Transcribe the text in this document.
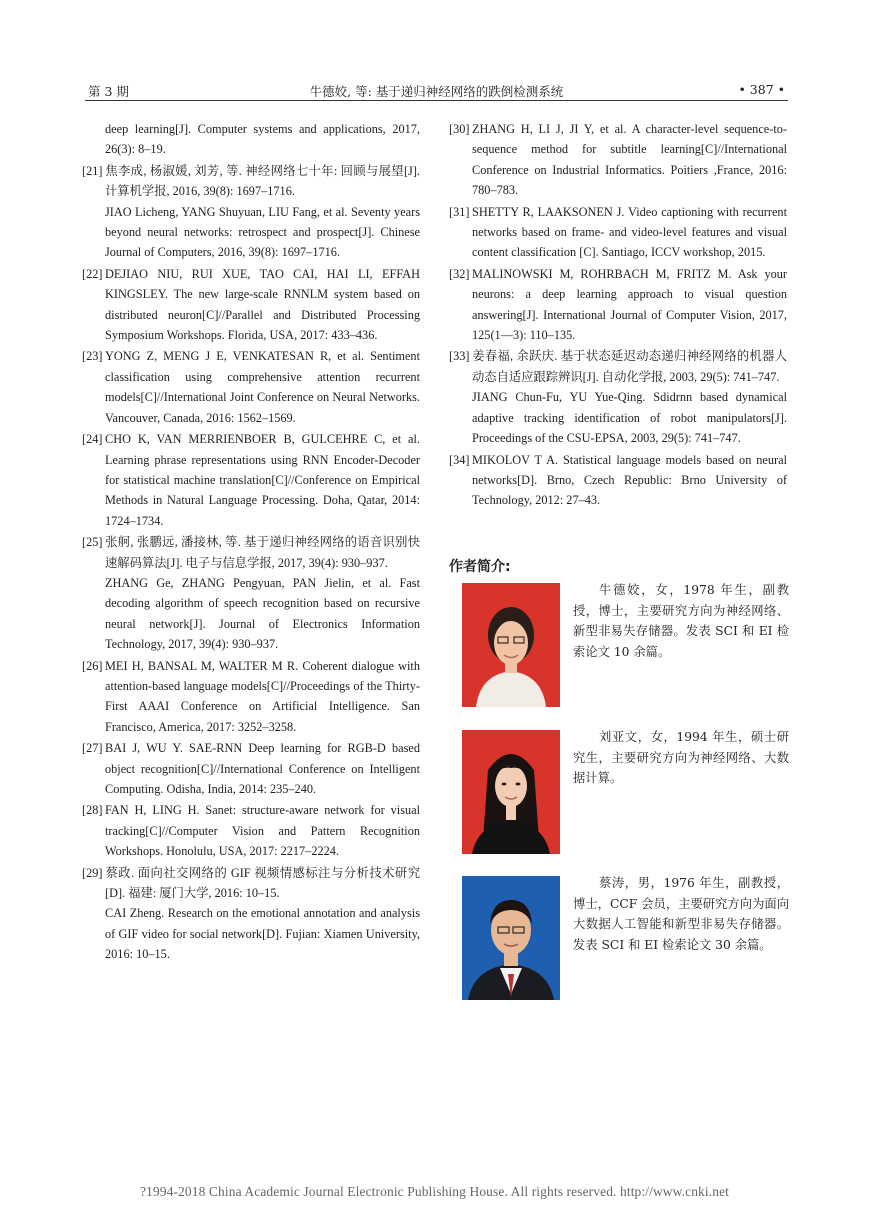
第 3 期	牛德姣, 等: 基于递归神经网络的跌倒检测系统	• 387 •
deep learning[J]. Computer systems and applications, 2017, 26(3): 8–19.
[21] 焦李成, 杨淑媛, 刘芳, 等. 神经网络七十年: 回顾与展望[J]. 计算机学报, 2016, 39(8): 1697–1716.
JIAO Licheng, YANG Shuyuan, LIU Fang, et al. Seventy years beyond neural networks: retrospect and prospect[J]. Chinese Journal of Computers, 2016, 39(8): 1697–1716.
[22] DEJIAO NIU, RUI XUE, TAO CAI, HAI LI, EFFAH KINGSLEY. The new large-scale RNNLM system based on distributed neuron[C]//Parallel and Distributed Processing Symposium Workshops. Florida, USA, 2017: 433–436.
[23] YONG Z, MENG J E, VENKATESAN R, et al. Sentiment classification using comprehensive attention recurrent models[C]//International Joint Conference on Neural Networks. Vancouver, Canada, 2016: 1562–1569.
[24] CHO K, VAN MERRIENBOER B, GULCEHRE C, et al. Learning phrase representations using RNN Encoder-Decoder for statistical machine translation[C]//Conference on Empirical Methods in Natural Language Processing. Doha, Qatar, 2014: 1724–1734.
[25] 张舸, 张鹏远, 潘接林, 等. 基于递归神经网络的语音识别快速解码算法[J]. 电子与信息学报, 2017, 39(4): 930–937.
ZHANG Ge, ZHANG Pengyuan, PAN Jielin, et al. Fast decoding algorithm of speech recognition based on recursive neural network[J]. Journal of Electronics Information Technology, 2017, 39(4): 930–937.
[26] MEI H, BANSAL M, WALTER M R. Coherent dialogue with attention-based language models[C]//Proceedings of the Thirty-First AAAI Conference on Artificial Intelligence. San Francisco, America, 2017: 3252–3258.
[27] BAI J, WU Y. SAE-RNN Deep learning for RGB-D based object recognition[C]//International Conference on Intelligent Computing. Odisha, India, 2014: 235–240.
[28] FAN H, LING H. Sanet: structure-aware network for visual tracking[C]//Computer Vision and Pattern Recognition Workshops. Honolulu, USA, 2017: 2217–2224.
[29] 蔡政. 面向社交网络的 GIF 视频情感标注与分析技术研究[D]. 福建: 厦门大学, 2016: 10–15.
CAI Zheng. Research on the emotional annotation and analysis of GIF video for social network[D]. Fujian: Xiamen University, 2016: 10–15.
[30] ZHANG H, LI J, JI Y, et al. A character-level sequence-to-sequence method for subtitle learning[C]//International Conference on Industrial Informatics. Poitiers ,France, 2016: 780–783.
[31] SHETTY R, LAAKSONEN J. Video captioning with recurrent networks based on frame- and video-level features and visual content classification [C]. Santiago, ICCV workshop, 2015.
[32] MALINOWSKI M, ROHRBACH M, FRITZ M. Ask your neurons: a deep learning approach to visual question answering[J]. International Journal of Computer Vision, 2017, 125(1—3): 110–135.
[33] 姜春福, 余跃庆. 基于状态延迟动态递归神经网络的机器人动态自适应跟踪辨识[J]. 自动化学报, 2003, 29(5): 741–747.
JIANG Chun-Fu, YU Yue-Qing. Sdidrnn based dynamical adaptive tracking identification of robot manipulators[J]. Proceedings of the CSU-EPSA, 2003, 29(5): 741–747.
[34] MIKOLOV T A. Statistical language models based on neural networks[D]. Brno, Czech Republic: Brno University of Technology, 2012: 27–43.
作者简介:
牛德姣，女，1978 年生，副教授，博士，主要研究方向为神经网络、新型非易失存储器。发表 SCI 和 EI 检索论文 10 余篇。
刘亚文，女，1994 年生，硕士研究生，主要研究方向为神经网络、大数据计算。
蔡涛，男，1976 年生，副教授，博士，CCF 会员，主要研究方向为面向大数据人工智能和新型非易失存储器。发表 SCI 和 EI 检索论文 30 余篇。
?1994-2018 China Academic Journal Electronic Publishing House. All rights reserved. http://www.cnki.net
